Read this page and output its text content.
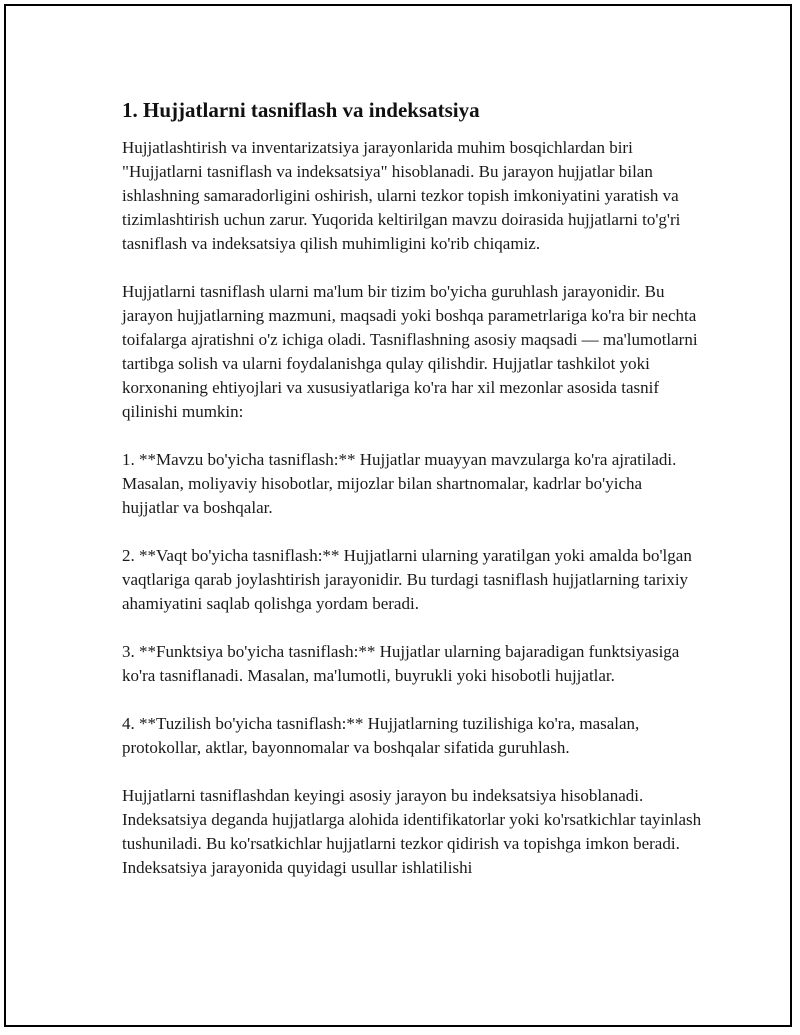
1. Hujjatlarni tasniflash va indeksatsiya

Hujjatlashtirish va inventarizatsiya jarayonlarida muhim bosqichlardan biri "Hujjatlarni tasniflash va indeksatsiya" hisoblanadi. Bu jarayon hujjatlar bilan ishlashning samaradorligini oshirish, ularni tezkor topish imkoniyatini yaratish va tizimlashtirish uchun zarur. Yuqorida keltirilgan mavzu doirasida hujjatlarni to'g'ri tasniflash va indeksatsiya qilish muhimligini ko'rib chiqamiz.

Hujjatlarni tasniflash ularni ma'lum bir tizim bo'yicha guruhlash jarayonidir. Bu jarayon hujjatlarning mazmuni, maqsadi yoki boshqa parametrlariga ko'ra bir nechta toifalarga ajratishni o'z ichiga oladi. Tasniflashning asosiy maqsadi — ma'lumotlarni tartibga solish va ularni foydalanishga qulay qilishdir. Hujjatlar tashkilot yoki korxonaning ehtiyojlari va xususiyatlariga ko'ra har xil mezonlar asosida tasnif qilinishi mumkin:

1. **Mavzu bo'yicha tasniflash:** Hujjatlar muayyan mavzularga ko'ra ajratiladi. Masalan, moliyaviy hisobotlar, mijozlar bilan shartnomalar, kadrlar bo'yicha hujjatlar va boshqalar.

2. **Vaqt bo'yicha tasniflash:** Hujjatlarni ularning yaratilgan yoki amalda bo'lgan vaqtlariga qarab joylashtirish jarayonidir. Bu turdagi tasniflash hujjatlarning tarixiy ahamiyatini saqlab qolishga yordam beradi.

3. **Funktsiya bo'yicha tasniflash:** Hujjatlar ularning bajaradigan funktsiyasiga ko'ra tasniflanadi. Masalan, ma'lumotli, buyrukli yoki hisobotli hujjatlar.

4. **Tuzilish bo'yicha tasniflash:** Hujjatlarning tuzilishiga ko'ra, masalan, protokollar, aktlar, bayonnomalar va boshqalar sifatida guruhlash.

Hujjatlarni tasniflashdan keyingi asosiy jarayon bu indeksatsiya hisoblanadi. Indeksatsiya deganda hujjatlarga alohida identifikatorlar yoki ko'rsatkichlar tayinlash tushuniladi. Bu ko'rsatkichlar hujjatlarni tezkor qidirish va topishga imkon beradi. Indeksatsiya jarayonida quyidagi usullar ishlatilishi
